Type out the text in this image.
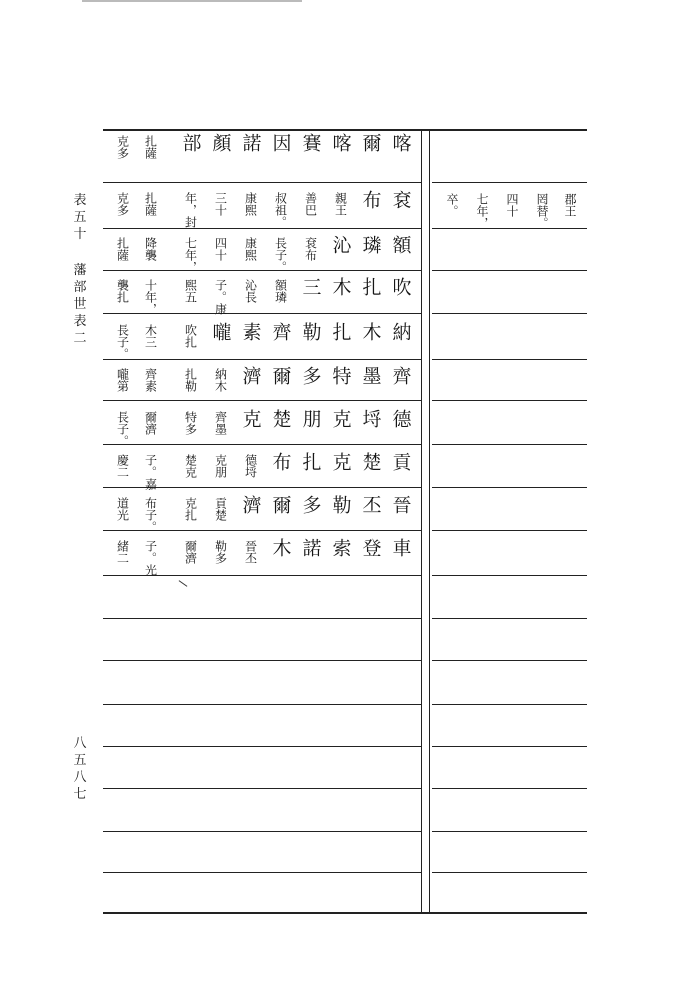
表
五
十
藩
部
世
表
二
八
五
八
七
克多 扎薩 部 顏 諾 因 賽 喀 爾 喀
克多 扎薩 年，封 三十 康熙 叔祖。 善巴 親王 布 袞
扎薩 降襲 七年， 四十 康熙 長子。 袞布 沁 璘 額
襲扎 十年， 熙五 子。康 沁長 額璘 三 木 扎 吹
長子。 木三 吹扎 嚨 素 齊 勒 扎 木 納
嚨第 齊素 扎勒 納木 濟 爾 多 特 墨 齊
長子。 爾濟 特多 齊墨 克 楚 朋 克 埒 德
慶二 子。嘉 楚克 克朋 德埒 布 扎 克 楚 貢
道光 布子。 克扎 貢楚 濟 爾 多 勒 丕 晉
緒二 子。光 爾濟 勒多 晉丕 木 諾 索 登 車
卒。 七年， 四十 罔替。 郡王
